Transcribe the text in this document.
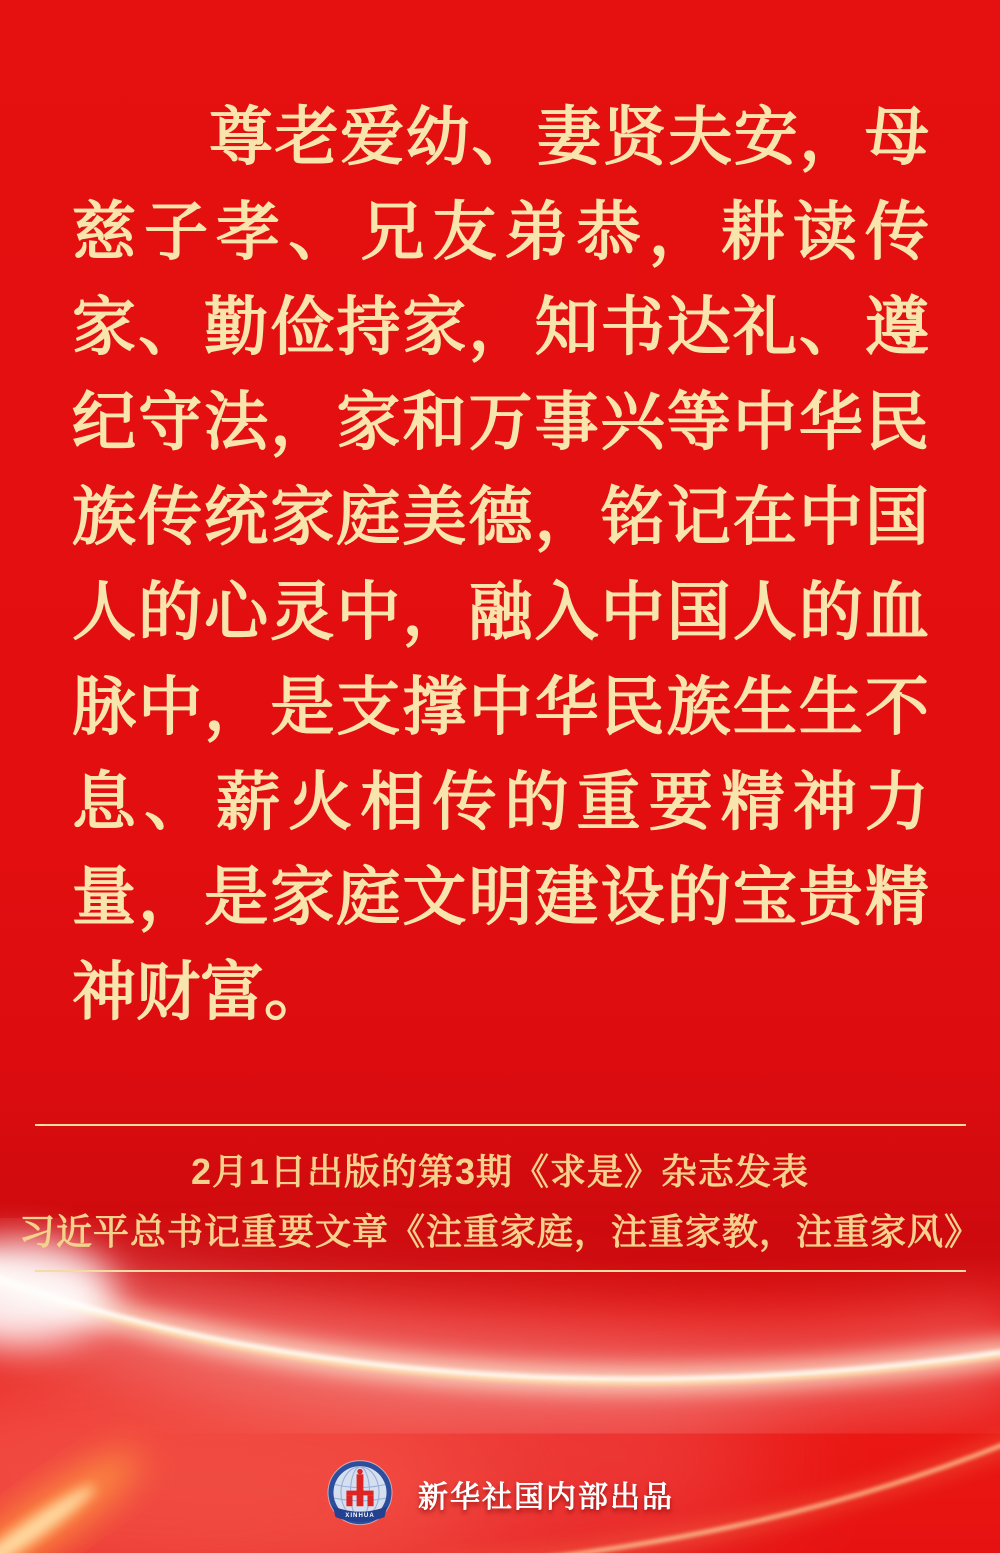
尊老爱幼、妻贤夫安，母
慈子孝、兄友弟恭，耕读传
家、勤俭持家，知书达礼、遵
纪守法，家和万事兴等中华民
族传统家庭美德，铭记在中国
人的心灵中，融入中国人的血
脉中，是支撑中华民族生生不
息、薪火相传的重要精神力
量，是家庭文明建设的宝贵精
神财富。
2月1日出版的第3期《求是》杂志发表
习近平总书记重要文章《注重家庭，注重家教，注重家风》
XINHUA
新华社国内部出品
